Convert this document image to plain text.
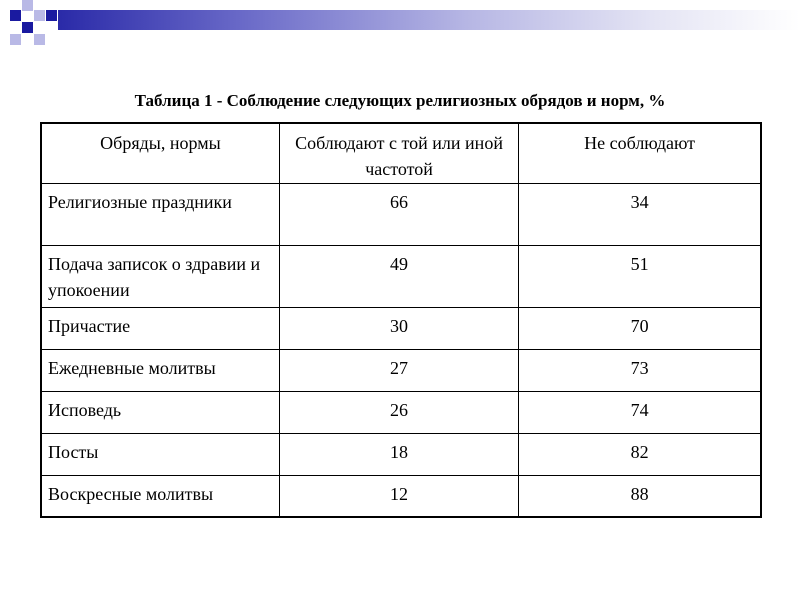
Таблица 1 - Соблюдение следующих религиозных обрядов и норм, %
Обряды, нормы	Соблюдают с той или иной частотой	Не соблюдают
Религиозные праздники	66	34
Подача записок о здравии и упокоении	49	51
Причастие	30	70
Ежедневные молитвы	27	73
Исповедь	26	74
Посты	18	82
Воскресные молитвы	12	88
